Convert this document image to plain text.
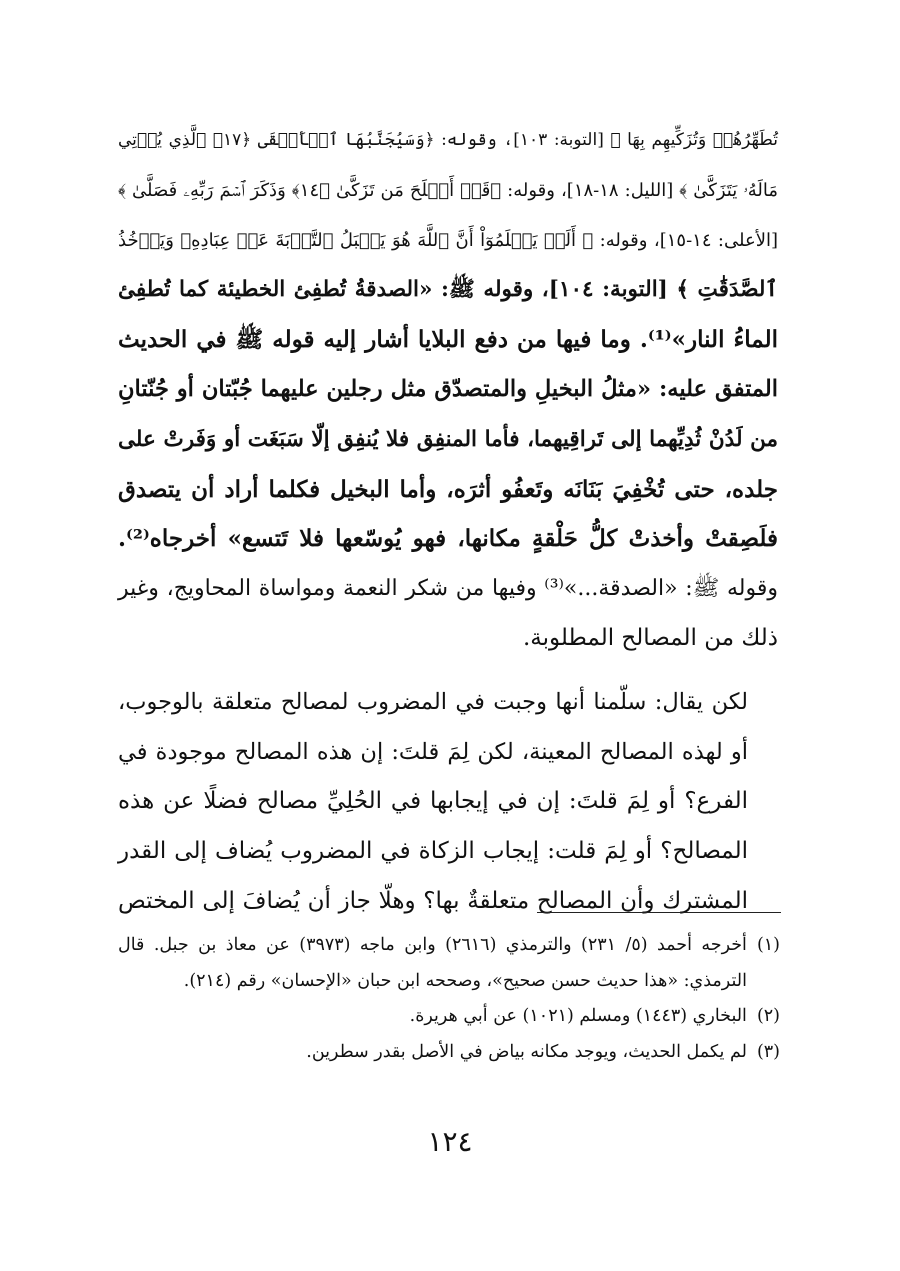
تُطَهِّرُهُمۡ وَتُزَكِّيهِم بِهَا ﴾ [التوبة: ١٠٣]، وقوله: ﴿وَسَيُجَنَّبُهَا ٱلۡأَتۡقَى ﴿١٧﴾ ٱلَّذِي يُؤۡتِي
مَالَهُۥ يَتَزَكَّىٰ ﴾ [الليل: ١٨-١٨]، وقوله: ﴿قَدۡ أَفۡلَحَ مَن تَزَكَّىٰ ﴿١٤﴾ وَذَكَرَ ٱسۡمَ رَبِّهِۦ فَصَلَّىٰ ﴾
[الأعلى: ١٤-١٥]، وقوله: ﴿ أَلَمۡ يَعۡلَمُوٓاْ أَنَّ ٱللَّهَ هُوَ يَقۡبَلُ ٱلتَّوۡبَةَ عَنۡ عِبَادِهِۦ وَيَأۡخُذُ
ٱلصَّدَقَٰتِ ﴾ [التوبة: ١٠٤]، وقوله ﷺ: «الصدقةُ تُطفِئ الخطيئة كما تُطفِئ
الماءُ النار»⁽¹⁾. وما فيها من دفع البلايا أشار إليه قوله ﷺ في الحديث
المتفق عليه: «مثلُ البخيلِ والمتصدّق مثل رجلين عليهما جُبّتان أو جُنّتانِ
من لَدُنْ ثُدِيِّهما إلى تَراقِيهما، فأما المنفِق فلا يُنفِق إلّا سَبَغَت أو وَفَرتْ على
جلده، حتى تُخْفِيَ بَنَانَه وتَعفُو أثرَه، وأما البخيل فكلما أراد أن يتصدق
فلَصِقتْ وأخذتْ كلُّ حَلْقةٍ مكانها، فهو يُوسّعها فلا تَتسع» أخرجاه⁽²⁾.
وقوله ﷺ: «الصدقة...»⁽³⁾ وفيها من شكر النعمة ومواساة المحاويج، وغير
ذلك من المصالح المطلوبة.

لكن يقال: سلّمنا أنها وجبت في المضروب لمصالح متعلقة بالوجوب،
أو لهذه المصالح المعينة، لكن لِمَ قلتَ: إن هذه المصالح موجودة في
الفرع؟ أو لِمَ قلتَ: إن في إيجابها في الحُلِيِّ مصالح فضلًا عن هذه
المصالح؟ أو لِمَ قلت: إيجاب الزكاة في المضروب يُضاف إلى القدر
المشترك وأن المصالح متعلقةٌ بها؟ وهلّا جاز أن يُضافَ إلى المختص

(١)
أخرجه أحمد (٥/ ٢٣١) والترمذي (٢٦١٦) وابن ماجه (٣٩٧٣) عن معاذ بن جبل. قال الترمذي: «هذا حديث حسن صحيح»، وصححه ابن حبان «الإحسان» رقم (٢١٤).
(٢)
البخاري (١٤٤٣) ومسلم (١٠٢١) عن أبي هريرة.
(٣)
لم يكمل الحديث، ويوجد مكانه بياض في الأصل بقدر سطرين.
١٢٤
